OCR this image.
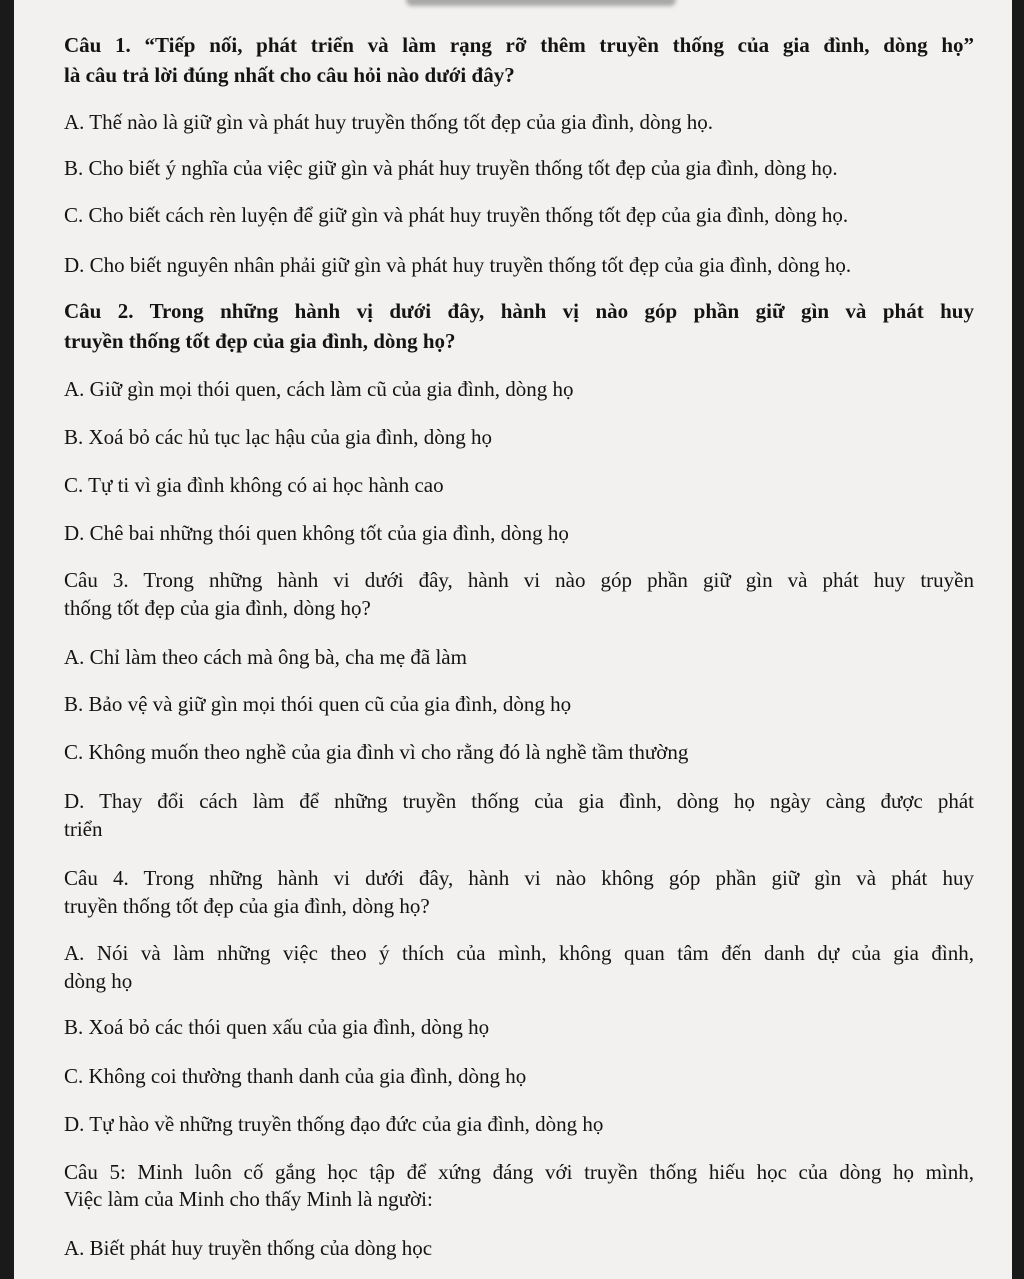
Câu 1. “Tiếp nối, phát triển và làm rạng rỡ thêm truyền thống của gia đình, dòng họ”

là câu trả lời đúng nhất cho câu hỏi nào dưới đây?

A. Thế nào là giữ gìn và phát huy truyền thống tốt đẹp của gia đình, dòng họ.

B. Cho biết ý nghĩa của việc giữ gìn và phát huy truyền thống tốt đẹp của gia đình, dòng họ.

C. Cho biết cách rèn luyện để giữ gìn và phát huy truyền thống tốt đẹp của gia đình, dòng họ.

D. Cho biết nguyên nhân phải giữ gìn và phát huy truyền thống tốt đẹp của gia đình, dòng họ.

Câu 2. Trong những hành vị dưới đây, hành vị nào góp phần giữ gìn và phát huy

truyền thống tốt đẹp của gia đình, dòng họ?

A. Giữ gìn mọi thói quen, cách làm cũ của gia đình, dòng họ

B. Xoá bỏ các hủ tục lạc hậu của gia đình, dòng họ

C. Tự ti vì gia đình không có ai học hành cao

D. Chê bai những thói quen không tốt của gia đình, dòng họ

Câu 3. Trong những hành vi dưới đây, hành vi nào góp phần giữ gìn và phát huy truyền

thống tốt đẹp của gia đình, dòng họ?

A. Chỉ làm theo cách mà ông bà, cha mẹ đã làm

B. Bảo vệ và giữ gìn mọi thói quen cũ của gia đình, dòng họ

C. Không muốn theo nghề của gia đình vì cho rằng đó là nghề tầm thường

D. Thay đổi cách làm để những truyền thống của gia đình, dòng họ ngày càng được phát

triển

Câu 4. Trong những hành vi dưới đây, hành vi nào không góp phần giữ gìn và phát huy

truyền thống tốt đẹp của gia đình, dòng họ?

A. Nói và làm những việc theo ý thích của mình, không quan tâm đến danh dự của gia đình,

dòng họ

B. Xoá bỏ các thói quen xấu của gia đình, dòng họ

C. Không coi thường thanh danh của gia đình, dòng họ

D. Tự hào về những truyền thống đạo đức của gia đình, dòng họ

Câu 5: Minh luôn cố gắng học tập để xứng đáng với truyền thống hiếu học của dòng họ mình,

Việc làm của Minh cho thấy Minh là người:

A. Biết phát huy truyền thống của dòng học
